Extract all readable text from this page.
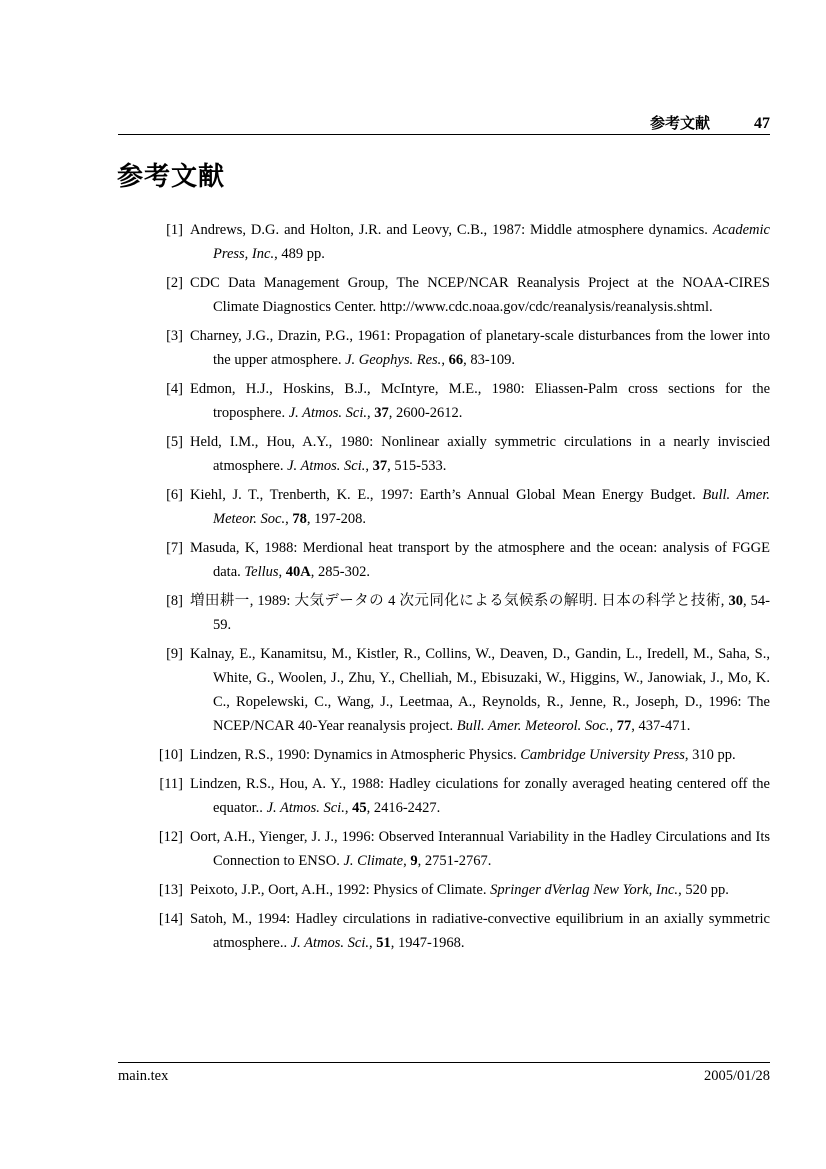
参考文献	47
参考文献
[1] Andrews, D.G. and Holton, J.R. and Leovy, C.B., 1987: Middle atmosphere dynamics. Academic Press, Inc., 489 pp.
[2] CDC Data Management Group, The NCEP/NCAR Reanalysis Project at the NOAA-CIRES Climate Diagnostics Center. http://www.cdc.noaa.gov/cdc/reanalysis/reanalysis.shtml.
[3] Charney, J.G., Drazin, P.G., 1961: Propagation of planetary-scale disturbances from the lower into the upper atmosphere. J. Geophys. Res., 66, 83-109.
[4] Edmon, H.J., Hoskins, B.J., McIntyre, M.E., 1980: Eliassen-Palm cross sections for the troposphere. J. Atmos. Sci., 37, 2600-2612.
[5] Held, I.M., Hou, A.Y., 1980: Nonlinear axially symmetric circulations in a nearly inviscied atmosphere. J. Atmos. Sci., 37, 515-533.
[6] Kiehl, J. T., Trenberth, K. E., 1997: Earth’s Annual Global Mean Energy Budget. Bull. Amer. Meteor. Soc., 78, 197-208.
[7] Masuda, K, 1988: Merdional heat transport by the atmosphere and the ocean: analysis of FGGE data. Tellus, 40A, 285-302.
[8] 増田耕一, 1989: 大気データの 4 次元同化による気候系の解明. 日本の科学と技術, 30, 54-59.
[9] Kalnay, E., Kanamitsu, M., Kistler, R., Collins, W., Deaven, D., Gandin, L., Iredell, M., Saha, S., White, G., Woolen, J., Zhu, Y., Chelliah, M., Ebisuzaki, W., Higgins, W., Janowiak, J., Mo, K. C., Ropelewski, C., Wang, J., Leetmaa, A., Reynolds, R., Jenne, R., Joseph, D., 1996: The NCEP/NCAR 40-Year reanalysis project. Bull. Amer. Meteorol. Soc., 77, 437-471.
[10] Lindzen, R.S., 1990: Dynamics in Atmospheric Physics. Cambridge University Press, 310 pp.
[11] Lindzen, R.S., Hou, A. Y., 1988: Hadley ciculations for zonally averaged heating centered off the equator.. J. Atmos. Sci., 45, 2416-2427.
[12] Oort, A.H., Yienger, J. J., 1996: Observed Interannual Variability in the Hadley Circulations and Its Connection to ENSO. J. Climate, 9, 2751-2767.
[13] Peixoto, J.P., Oort, A.H., 1992: Physics of Climate. Springer dVerlag New York, Inc., 520 pp.
[14] Satoh, M., 1994: Hadley circulations in radiative-convective equilibrium in an axially symmetric atmosphere.. J. Atmos. Sci., 51, 1947-1968.
main.tex	2005/01/28
